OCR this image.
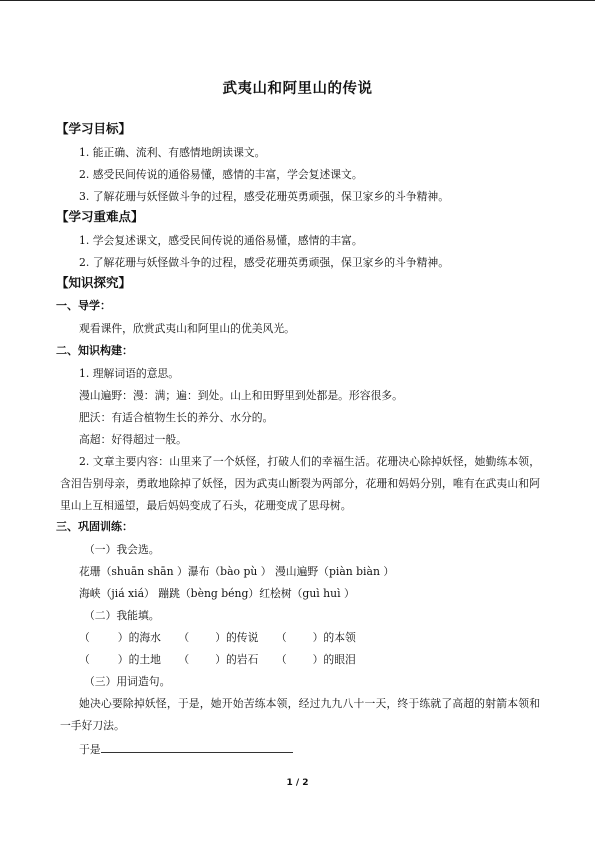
武夷山和阿里山的传说
【学习目标】
1. 能正确、流利、有感情地朗读课文。
2. 感受民间传说的通俗易懂，感情的丰富，学会复述课文。
3. 了解花珊与妖怪做斗争的过程，感受花珊英勇顽强，保卫家乡的斗争精神。
【学习重难点】
1. 学会复述课文，感受民间传说的通俗易懂，感情的丰富。
2. 了解花珊与妖怪做斗争的过程，感受花珊英勇顽强，保卫家乡的斗争精神。
【知识探究】
一、导学：
观看课件，欣赏武夷山和阿里山的优美风光。
二、知识构建：
1. 理解词语的意思。
漫山遍野：漫：满；遍：到处。山上和田野里到处都是。形容很多。
肥沃：有适合植物生长的养分、水分的。
高超：好得超过一般。
2. 文章主要内容：山里来了一个妖怪，打破人们的幸福生活。花珊决心除掉妖怪，她勤练本领，含泪告别母亲，勇敢地除掉了妖怪，因为武夷山断裂为两部分，花珊和妈妈分别，唯有在武夷山和阿里山上互相遥望，最后妈妈变成了石头，花珊变成了思母树。
三、巩固训练：
（一）我会选。
花珊（shuān shān ）瀑布（bào pù ） 漫山遍野（piàn biàn ）
海峡（jiá xiá） 蹦跳（bèng béng）红桧树（guì huì ）
（二）我能填。
（	）的海水 （ ）的传说 （ ）的本领
（	）的土地 （ ）的岩石 （ ）的眼泪
（三）用词造句。
她决心要除掉妖怪，于是，她开始苦练本领，经过九九八十一天，终于练就了高超的射箭本领和一手好刀法。
于是
1 / 2
